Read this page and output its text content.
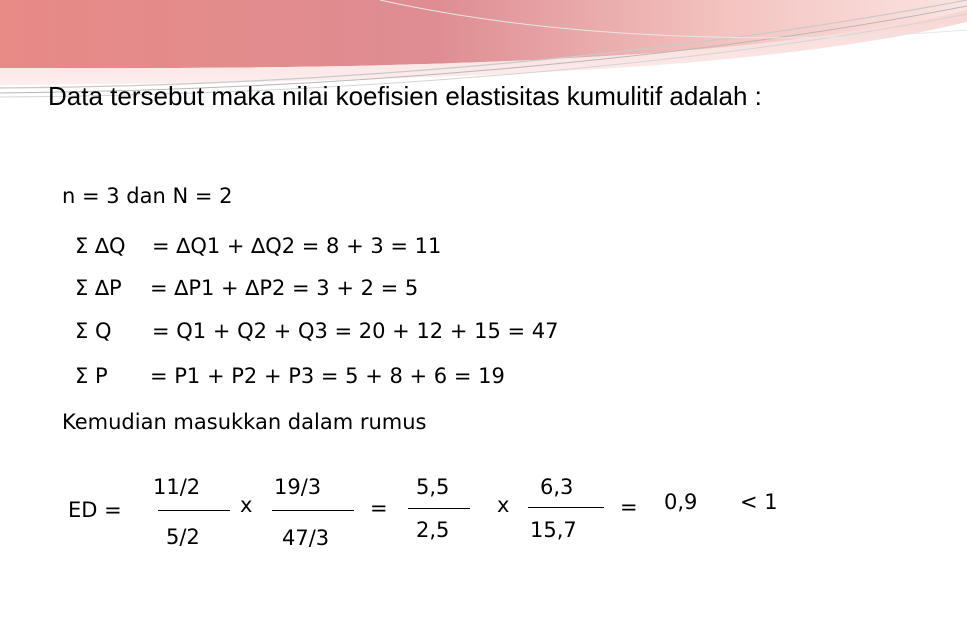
Data tersebut maka nilai koefisien elastisitas kumulitif adalah :
n = 3 dan N = 2
Σ ∆Q = ∆Q1 + ∆Q2 = 8 + 3 = 11
Σ ∆P = ∆P1 + ∆P2 = 3 + 2 = 5
Σ Q = Q1 + Q2 + Q3 = 20 + 12 + 15 = 47
Σ P = P1 + P2 + P3 = 5 + 8 + 6 = 19
Kemudian masukkan dalam rumus
ED =
11/2
5/2
x
19/3
47/3
=
5,5
2,5
x
6,3
15,7
= 0,9 < 1
